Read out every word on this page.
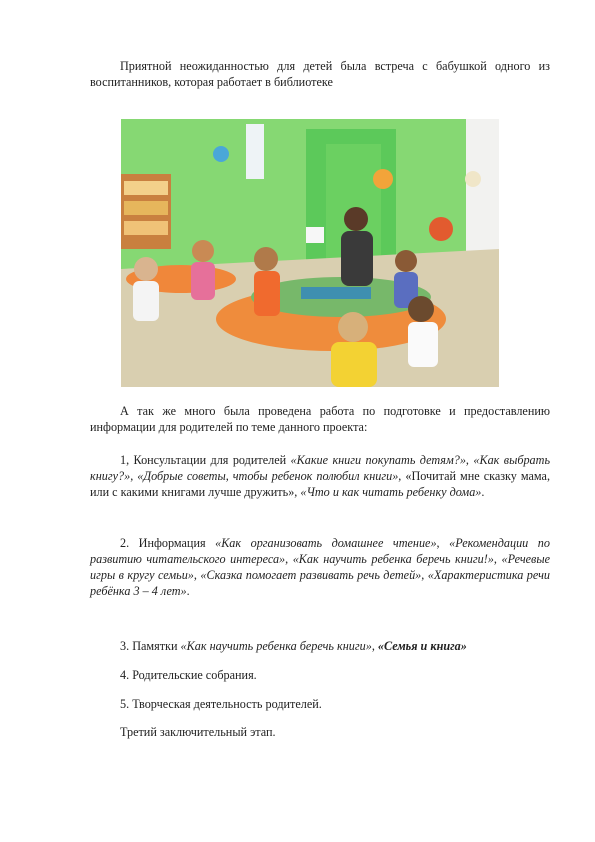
Приятной неожиданностью для детей была встреча с бабушкой одного из воспитанников, которая работает в библиотеке

А так же много была проведена работа по подготовке и предоставлению информации для родителей по теме данного проекта:

1, Консультации для родителей «Какие книги покупать детям?», «Как выбрать книгу?», «Добрые советы, чтобы ребенок полюбил книги», «Почитай мне сказку мама, или с какими книгами лучше дружить», «Что и как читать ребенку дома».

2. Информация «Как организовать домашнее чтение», «Рекомендации по развитию читательского интереса», «Как научить ребенка беречь книги!», «Речевые игры в кругу семьи», «Сказка помогает развивать речь детей», «Характеристика речи ребёнка 3 – 4 лет».

3. Памятки «Как научить ребенка беречь книги», «Семья и книга»

4. Родительские собрания.

5. Творческая деятельность родителей.

Третий заключительный этап.
